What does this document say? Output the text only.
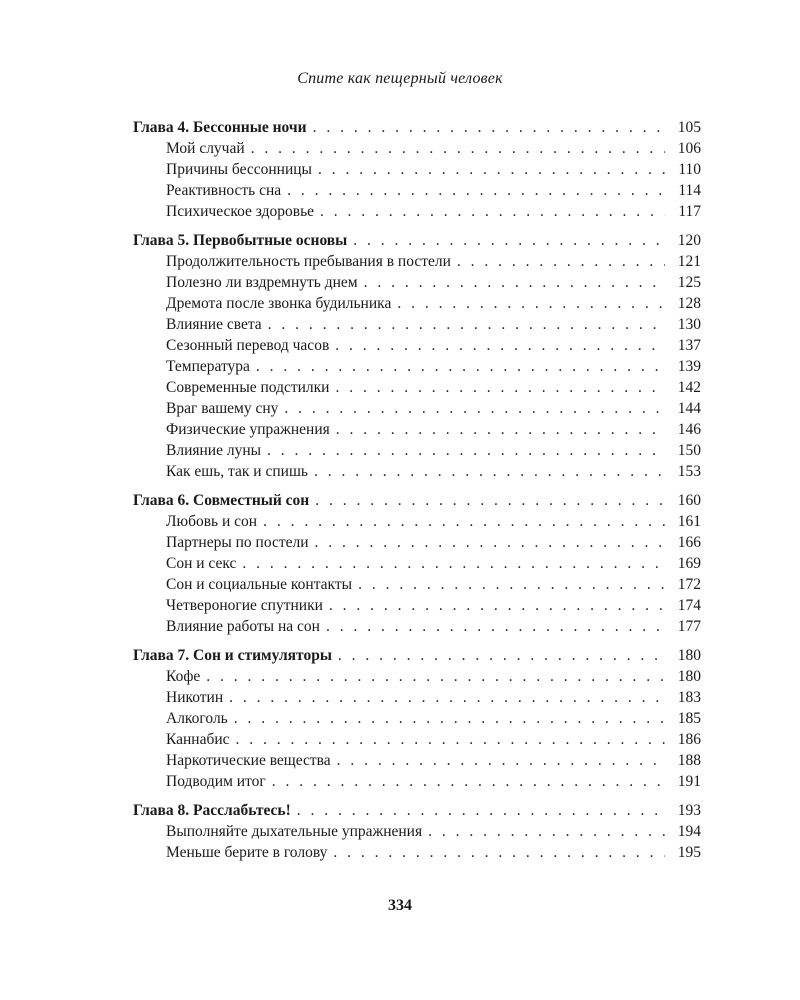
Спите как пещерный человек
Глава 4. Бессонные ночи . . .	105
Мой случай . . .	106
Причины бессонницы . . .	110
Реактивность сна . . .	114
Психическое здоровье . . .	117
Глава 5. Первобытные основы . . .	120
Продолжительность пребывания в постели . . .	121
Полезно ли вздремнуть днем . . .	125
Дремота после звонка будильника . . .	128
Влияние света . . .	130
Сезонный перевод часов . . .	137
Температура . . .	139
Современные подстилки . . .	142
Враг вашему сну . . .	144
Физические упражнения . . .	146
Влияние луны . . .	150
Как ешь, так и спишь . . .	153
Глава 6. Совместный сон . . .	160
Любовь и сон . . .	161
Партнеры по постели . . .	166
Сон и секс . . .	169
Сон и социальные контакты . . .	172
Четвероногие спутники . . .	174
Влияние работы на сон . . .	177
Глава 7. Сон и стимуляторы . . .	180
Кофе . . .	180
Никотин . . .	183
Алкоголь . . .	185
Каннабис . . .	186
Наркотические вещества . . .	188
Подводим итог . . .	191
Глава 8. Расслабьтесь! . . .	193
Выполняйте дыхательные упражнения . . .	194
Меньше берите в голову . . .	195
334
